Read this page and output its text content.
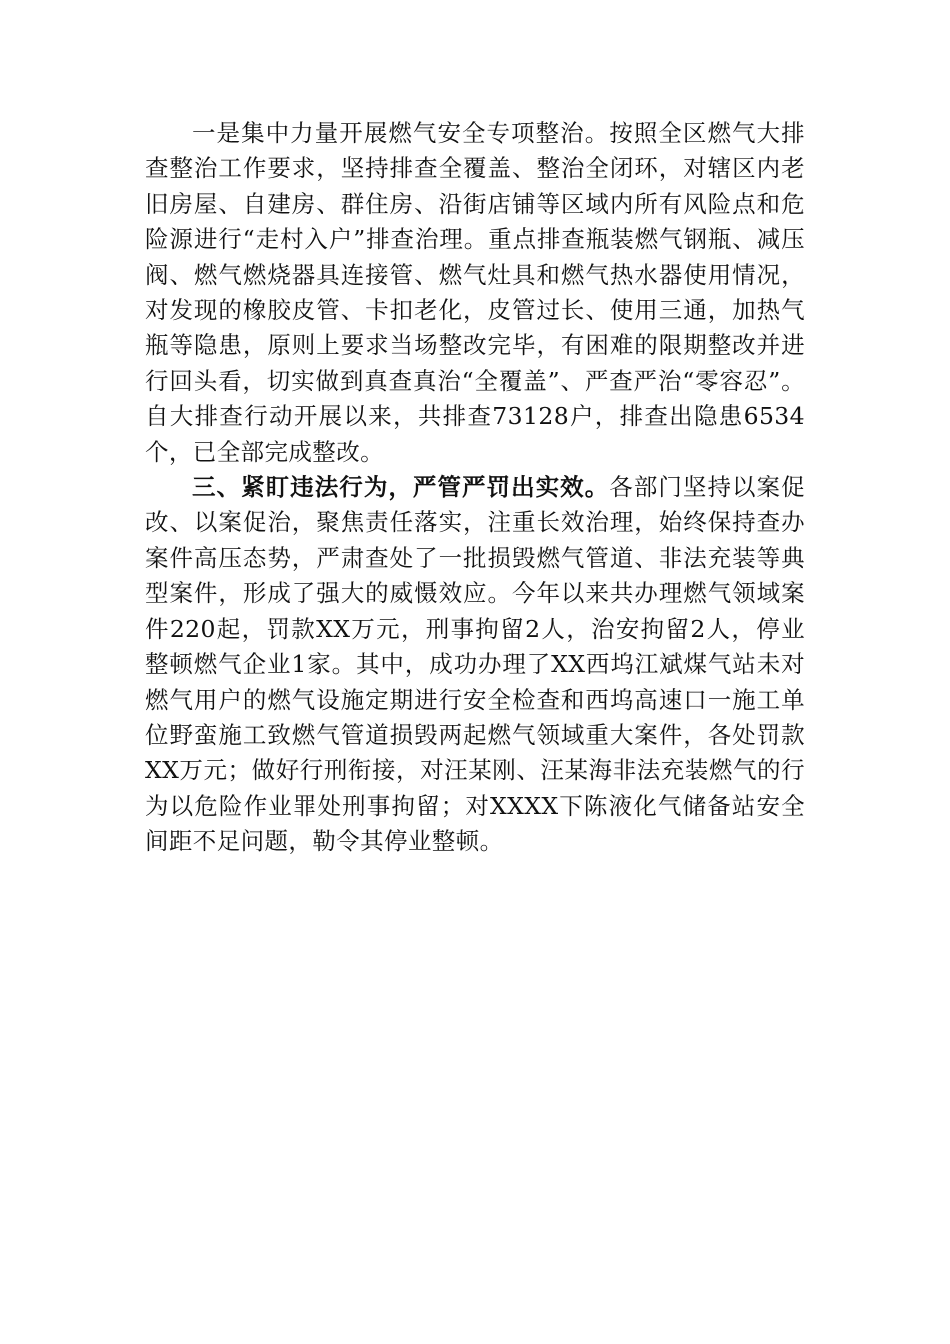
一是集中力量开展燃气安全专项整治。按照全区燃气大排查整治工作要求，坚持排查全覆盖、整治全闭环，对辖区内老旧房屋、自建房、群住房、沿街店铺等区域内所有风险点和危险源进行“走村入户”排查治理。重点排查瓶装燃气钢瓶、减压阀、燃气燃烧器具连接管、燃气灶具和燃气热水器使用情况，对发现的橡胶皮管、卡扣老化，皮管过长、使用三通，加热气瓶等隐患，原则上要求当场整改完毕，有困难的限期整改并进行回头看，切实做到真查真治“全覆盖”、严查严治“零容忍”。自大排查行动开展以来，共排查73128户，排查出隐患6534个，已全部完成整改。

三、紧盯违法行为，严管严罚出实效。各部门坚持以案促改、以案促治，聚焦责任落实，注重长效治理，始终保持查办案件高压态势，严肃查处了一批损毁燃气管道、非法充装等典型案件，形成了强大的威慑效应。今年以来共办理燃气领域案件220起，罚款XX万元，刑事拘留2人，治安拘留2人，停业整顿燃气企业1家。其中，成功办理了XX西坞江斌煤气站未对燃气用户的燃气设施定期进行安全检查和西坞高速口一施工单位野蛮施工致燃气管道损毁两起燃气领域重大案件，各处罚款XX万元；做好行刑衔接，对汪某刚、汪某海非法充装燃气的行为以危险作业罪处刑事拘留；对XXXX下陈液化气储备站安全间距不足问题，勒令其停业整顿。
